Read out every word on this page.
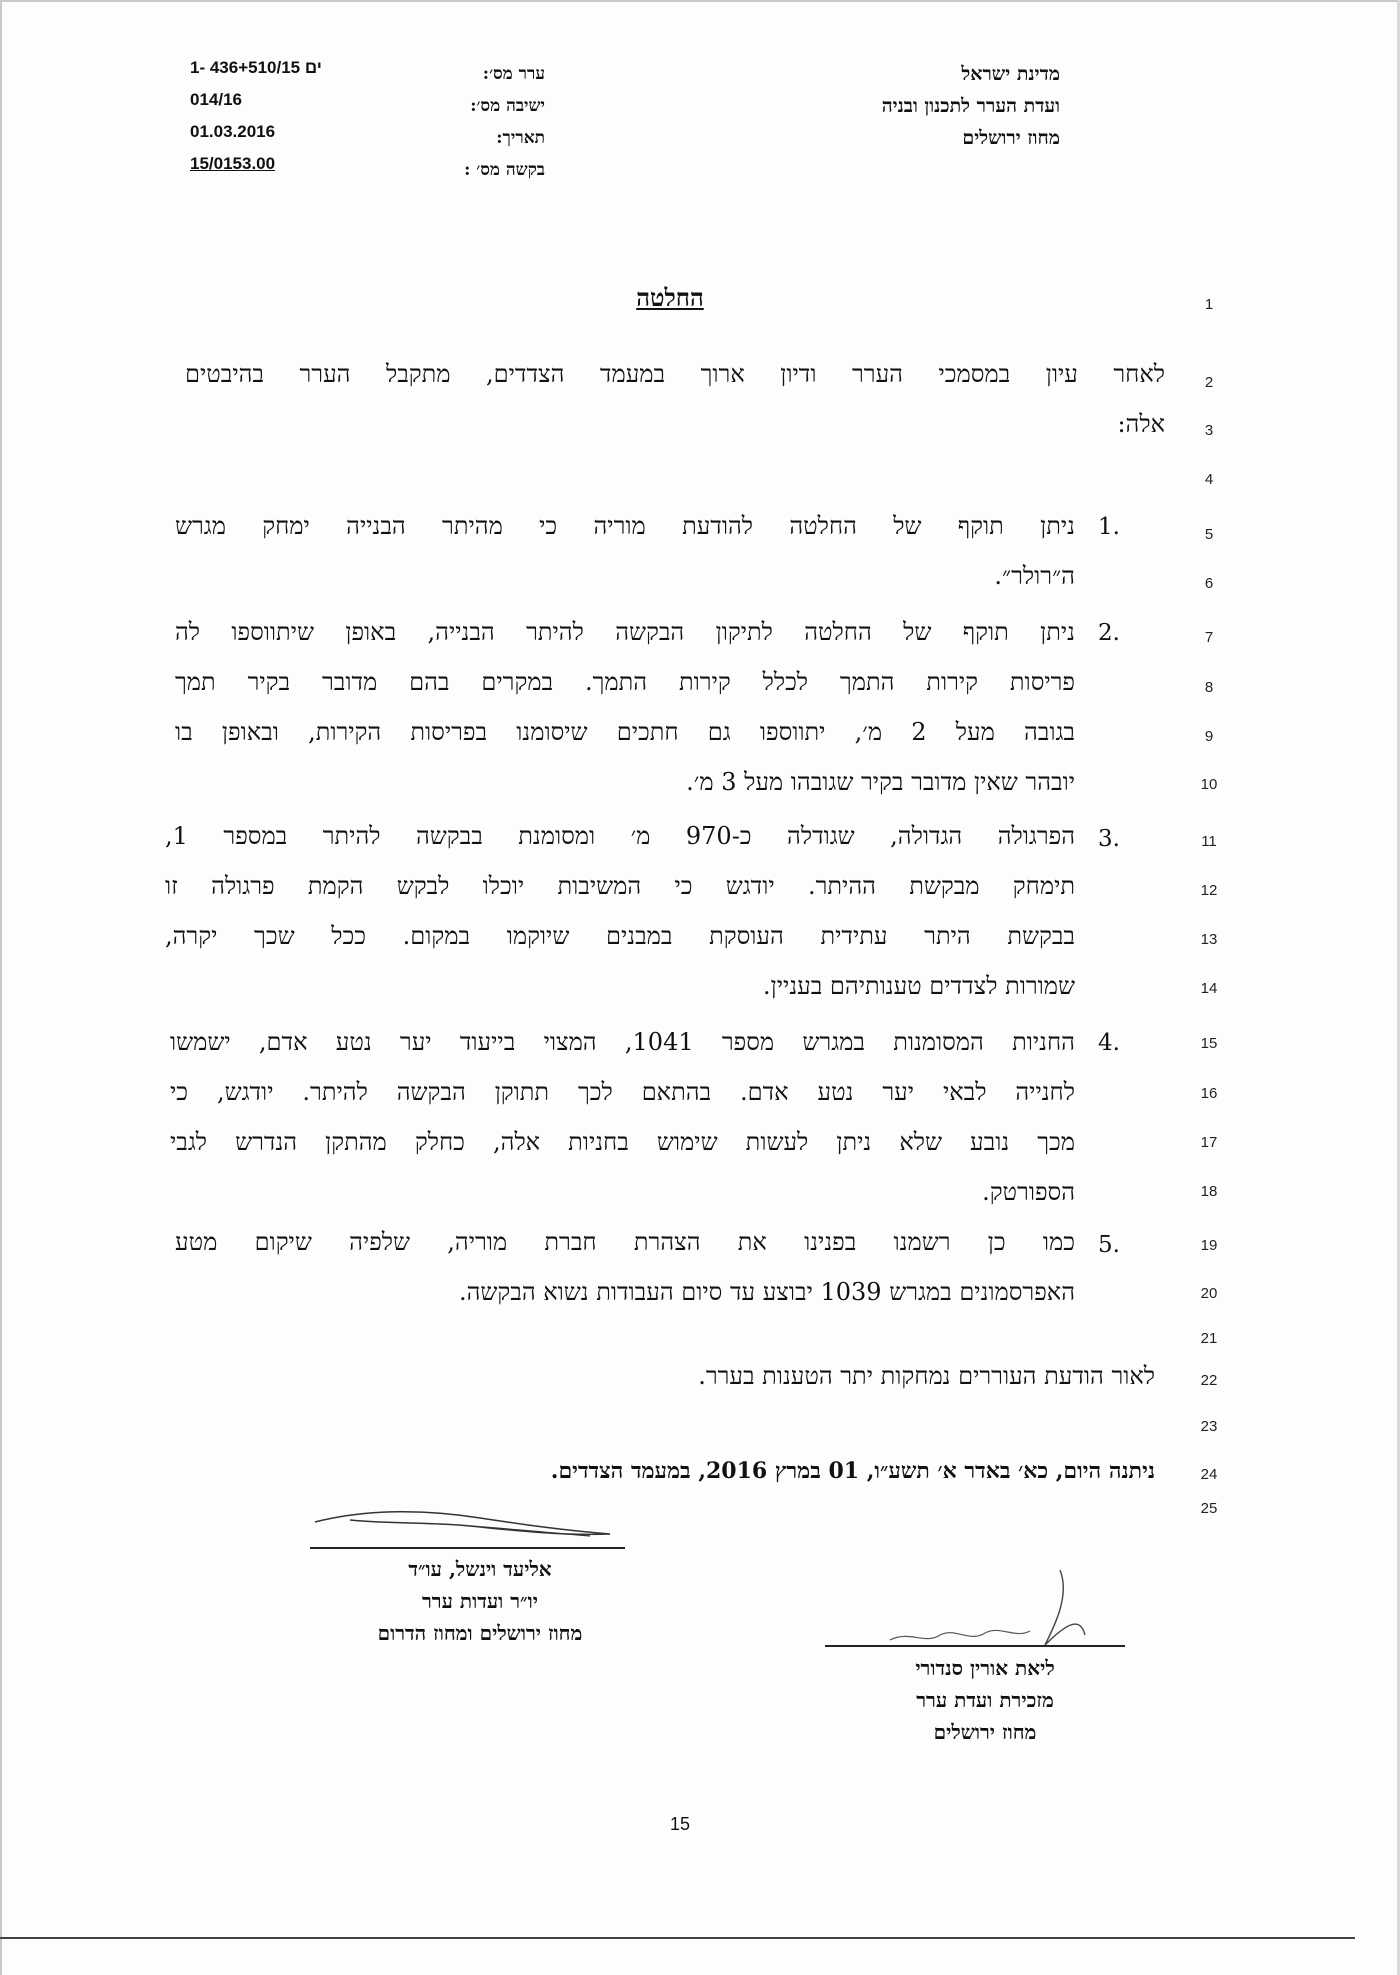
מדינת ישראל
ועדת הערר לתכנון ובניה
מחוז ירושלים
ערר מס׳:
ישיבה מס׳:
תאריך:
בקשה מס׳ :
1- 436+510/15 ים
014/16
01.03.2016
15/0153.00
החלטה	1
2
3
4
5
6
7
8
9
10
11
12
13
14
15
16
17
18
19
20
21
22
23
24
25
לאחר עיון במסמכי הערר ודיון ארוך במעמד הצדדים, מתקבל הערר בהיבטים
אלה:
1.
ניתן תוקף של החלטה להודעת מוריה כי מהיתר הבנייה ימחק מגרש
ה״רולר״.
2.
ניתן תוקף של החלטה לתיקון הבקשה להיתר הבנייה, באופן שיתווספו לה
פריסות קירות התמך לכלל קירות התמך. במקרים בהם מדובר בקיר תמך
בגובה מעל 2 מ׳, יתווספו גם חתכים שיסומנו בפריסות הקירות, ובאופן בו
יובהר שאין מדובר בקיר שגובהו מעל 3 מ׳.
3.
הפרגולה הגדולה, שגודלה כ-970 מ׳ ומסומנת בבקשה להיתר במספר 1,
תימחק מבקשת ההיתר. יודגש כי המשיבות יוכלו לבקש הקמת פרגולה זו
בבקשת היתר עתידית העוסקת במבנים שיוקמו במקום. ככל שכך יקרה,
שמורות לצדדים טענותיהם בעניין.
4.
החניות המסומנות במגרש מספר 1041, המצוי בייעוד יער נטע אדם, ישמשו
לחנייה לבאי יער נטע אדם. בהתאם לכך תתוקן הבקשה להיתר. יודגש, כי
מכך נובע שלא ניתן לעשות שימוש בחניות אלה, כחלק מהתקן הנדרש לגבי
הספורטק.
5.
כמו כן רשמנו בפנינו את הצהרת חברת מוריה, שלפיה שיקום מטע
האפרסמונים במגרש 1039 יבוצע עד סיום העבודות נשוא הבקשה.
לאור הודעת העוררים נמחקות יתר הטענות בערר.
ניתנה היום, כא׳ באדר א׳ תשע״ו, 01 במרץ 2016, במעמד הצדדים.
אליעד וינשל, עו״ד
יו״ר ועדות ערר
מחוז ירושלים ומחוז הדרום
ליאת אורין סנדורי
מזכירת ועדת ערר
מחוז ירושלים
15
